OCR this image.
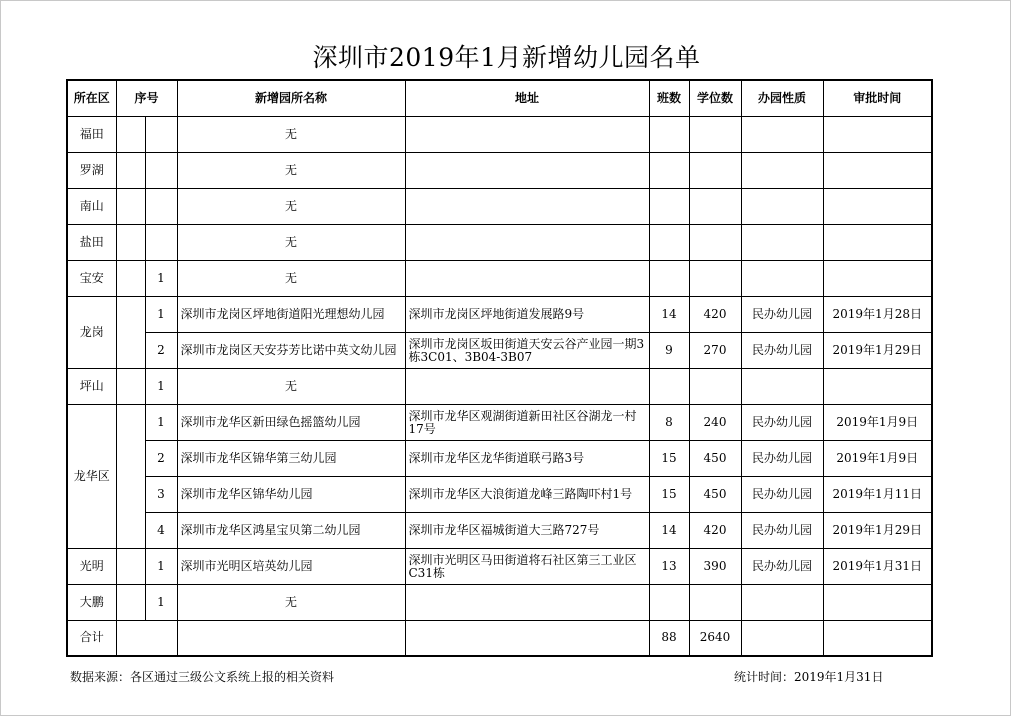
深圳市2019年1月新增幼儿园名单
所在区	序号		新增园所名称	地址	班数	学位数	办园性质	审批时间
福田			无					
罗湖			无					
南山			无					
盐田			无					
宝安		1	无					
龙岗		1	深圳市龙岗区坪地街道阳光理想幼儿园	深圳市龙岗区坪地街道发展路9号	14	420	民办幼儿园	2019年1月28日
		2	深圳市龙岗区天安芬芳比诺中英文幼儿园	深圳市龙岗区坂田街道天安云谷产业园一期3栋3C01、3B04-3B07	9	270	民办幼儿园	2019年1月29日
坪山		1	无					
龙华区		1	深圳市龙华区新田绿色摇篮幼儿园	深圳市龙华区观湖街道新田社区谷湖龙一村17号	8	240	民办幼儿园	2019年1月9日
		2	深圳市龙华区锦华第三幼儿园	深圳市龙华区龙华街道联弓路3号	15	450	民办幼儿园	2019年1月9日
		3	深圳市龙华区锦华幼儿园	深圳市龙华区大浪街道龙峰三路陶吓村1号	15	450	民办幼儿园	2019年1月11日
		4	深圳市龙华区鸿星宝贝第二幼儿园	深圳市龙华区福城街道大三路727号	14	420	民办幼儿园	2019年1月29日
光明		1	深圳市光明区培英幼儿园	深圳市光明区马田街道将石社区第三工业区C31栋	13	390	民办幼儿园	2019年1月31日
大鹏		1	无					
合计					88	2640		
数据来源：各区通过三级公文系统上报的相关资料	统计时间：2019年1月31日
